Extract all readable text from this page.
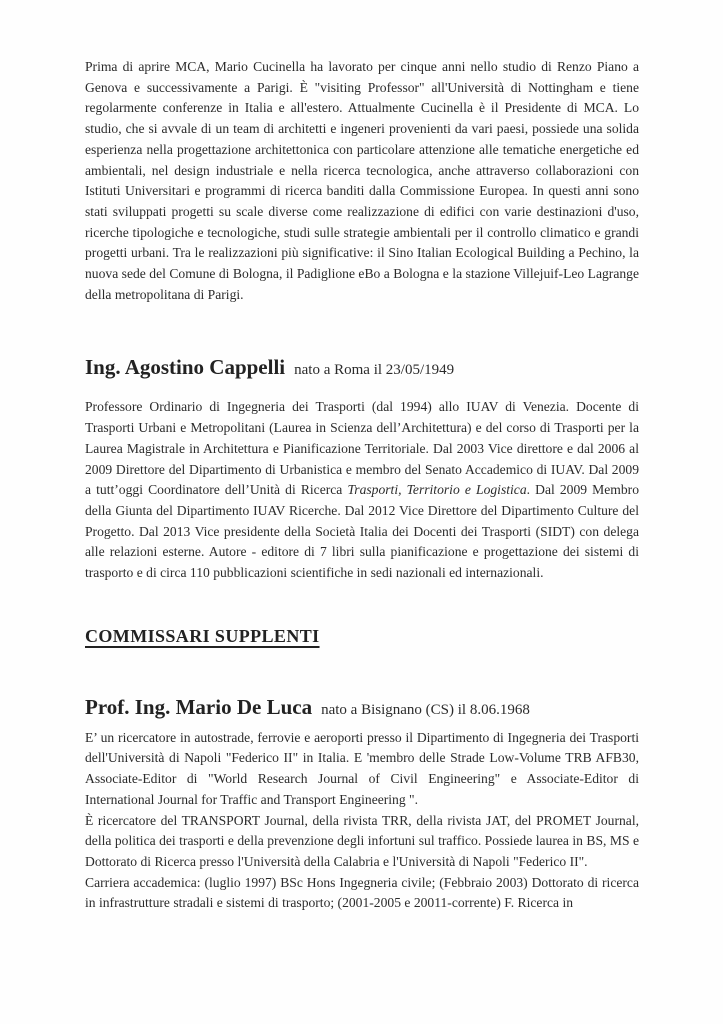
Prima di aprire MCA, Mario Cucinella ha lavorato per cinque anni nello studio di Renzo Piano a Genova e successivamente a Parigi. È "visiting Professor" all'Università di Nottingham e tiene regolarmente conferenze in Italia e all'estero. Attualmente Cucinella è il Presidente di MCA. Lo studio, che si avvale di un team di architetti e ingeneri provenienti da vari paesi, possiede una solida esperienza nella progettazione architettonica con particolare attenzione alle tematiche energetiche ed ambientali, nel design industriale e nella ricerca tecnologica, anche attraverso collaborazioni con Istituti Universitari e programmi di ricerca banditi dalla Commissione Europea. In questi anni sono stati sviluppati progetti su scale diverse come realizzazione di edifici con varie destinazioni d'uso, ricerche tipologiche e tecnologiche, studi sulle strategie ambientali per il controllo climatico e grandi progetti urbani. Tra le realizzazioni più significative: il Sino Italian Ecological Building a Pechino, la nuova sede del Comune di Bologna, il Padiglione eBo a Bologna e la stazione Villejuif-Leo Lagrange della metropolitana di Parigi.

Ing. Agostino Cappelli nato a Roma il 23/05/1949

Professore Ordinario di Ingegneria dei Trasporti (dal 1994) allo IUAV di Venezia. Docente di Trasporti Urbani e Metropolitani (Laurea in Scienza dell’Architettura) e del corso di Trasporti per la Laurea Magistrale in Architettura e Pianificazione Territoriale. Dal 2003 Vice direttore e dal 2006 al 2009 Direttore del Dipartimento di Urbanistica e membro del Senato Accademico di IUAV. Dal 2009 a tutt’oggi Coordinatore dell’Unità di Ricerca Trasporti, Territorio e Logistica. Dal 2009 Membro della Giunta del Dipartimento IUAV Ricerche. Dal 2012 Vice Direttore del Dipartimento Culture del Progetto. Dal 2013 Vice presidente della Società Italia dei Docenti dei Trasporti (SIDT) con delega alle relazioni esterne. Autore - editore di 7 libri sulla pianificazione e progettazione dei sistemi di trasporto e di circa 110 pubblicazioni scientifiche in sedi nazionali ed internazionali.

COMMISSARI SUPPLENTI
Prof. Ing. Mario De Luca nato a Bisignano (CS) il 8.06.1968

E’ un ricercatore in autostrade, ferrovie e aeroporti presso il Dipartimento di Ingegneria dei Trasporti dell'Università di Napoli "Federico II" in Italia. E 'membro delle Strade Low-Volume TRB AFB30, Associate-Editor di "World Research Journal of Civil Engineering" e Associate-Editor di International Journal for Traffic and Transport Engineering ".

È ricercatore del TRANSPORT Journal, della rivista TRR, della rivista JAT, del PROMET Journal, della politica dei trasporti e della prevenzione degli infortuni sul traffico. Possiede laurea in BS, MS e Dottorato di Ricerca presso l'Università della Calabria e l'Università di Napoli "Federico II".

Carriera accademica: (luglio 1997) BSc Hons Ingegneria civile; (Febbraio 2003) Dottorato di ricerca in infrastrutture stradali e sistemi di trasporto; (2001-2005 e 20011-corrente) F. Ricerca in
